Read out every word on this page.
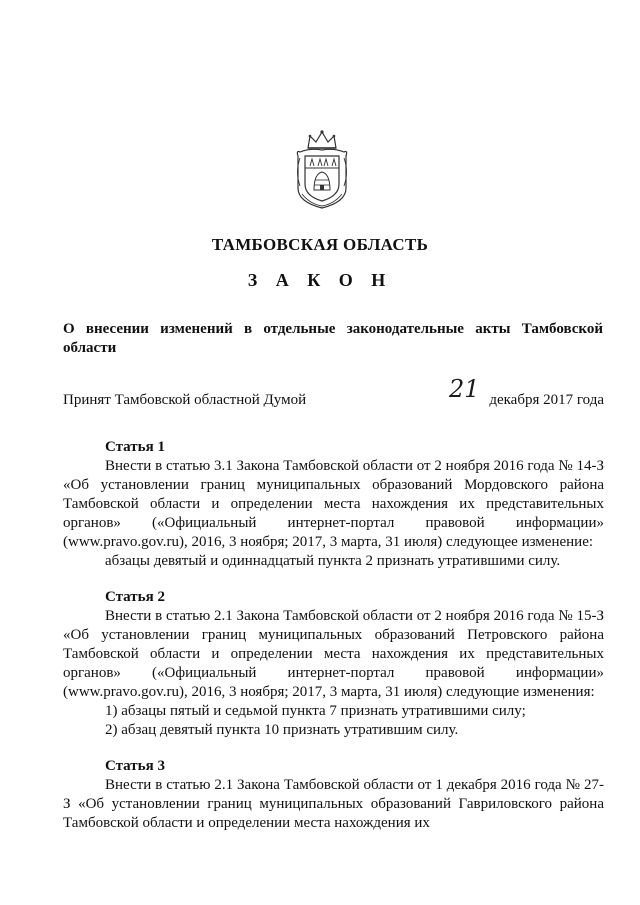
ТАМБОВСКАЯ ОБЛАСТЬ
З А К О Н
О внесении изменений в отдельные законодательные акты Тамбовской области
Принят Тамбовской областной Думой	21 декабря 2017 года

Статья 1

Внести в статью 3.1 Закона Тамбовской области от 2 ноября 2016 года № 14-З «Об установлении границ муниципальных образований Мордовского района Тамбовской области и определении места нахождения их представительных органов» («Официальный интернет-портал правовой информации» (www.pravo.gov.ru), 2016, 3 ноября; 2017, 3 марта, 31 июля) следующее изменение:

абзацы девятый и одиннадцатый пункта 2 признать утратившими силу.

Статья 2

Внести в статью 2.1 Закона Тамбовской области от 2 ноября 2016 года № 15-З «Об установлении границ муниципальных образований Петровского района Тамбовской области и определении места нахождения их представительных органов» («Официальный интернет-портал правовой информации» (www.pravo.gov.ru), 2016, 3 ноября; 2017, 3 марта, 31 июля) следующие изменения:

1) абзацы пятый и седьмой пункта 7 признать утратившими силу;

2) абзац девятый пункта 10 признать утратившим силу.

Статья 3

Внести в статью 2.1 Закона Тамбовской области от 1 декабря 2016 года № 27-З «Об установлении границ муниципальных образований Гавриловского района Тамбовской области и определении места нахождения их
